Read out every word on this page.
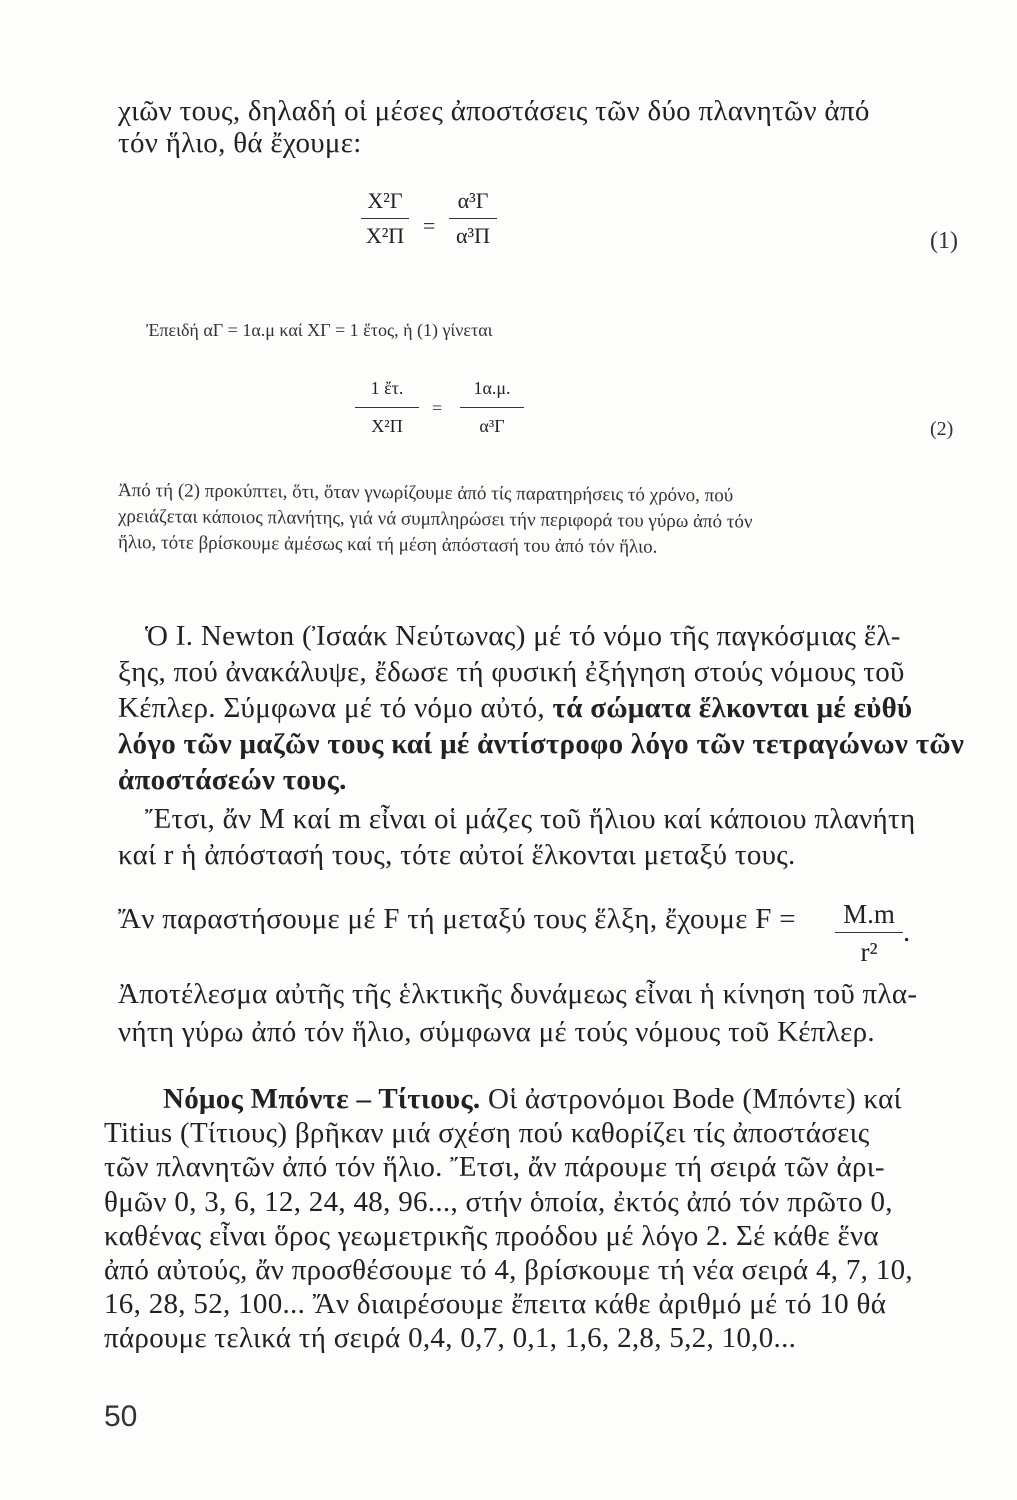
χιῶν τους, δηλαδή οἱ μέσες ἀποστάσεις τῶν δύο πλανητῶν ἀπό
τόν ἥλιο, θά ἔχουμε:
X²Γ
X²Π =
α³Γ
α³Π	(1)
Ἐπειδή αΓ = 1α.μ καί XΓ = 1 ἔτος, ἡ (1) γίνεται
1 ἔτ.
X²Π
=
1α.μ.
α³Γ	(2)
Ἀπό τή (2) προκύπτει, ὅτι, ὅταν γνωρίζουμε ἀπό τίς παρατηρήσεις τό χρόνο, πού
χρειάζεται κάποιος πλανήτης, γιά νά συμπληρώσει τήν περιφορά του γύρω ἀπό τόν
ἥλιο, τότε βρίσκουμε ἀμέσως καί τή μέση ἀπόστασή του ἀπό τόν ἥλιο.
Ὁ Ι. Newton (Ἰσαάκ Νεύτωνας) μέ τό νόμο τῆς παγκόσμιας ἕλ-
ξης, πού ἀνακάλυψε, ἔδωσε τή φυσική ἐξήγηση στούς νόμους τοῦ
Κέπλερ. Σύμφωνα μέ τό νόμο αὐτό, τά σώματα ἕλκονται μέ εὐθύ
λόγο τῶν μαζῶν τους καί μέ ἀντίστροφο λόγο τῶν τετραγώνων τῶν
ἀποστάσεών τους.
Ἔτσι, ἄν M καί m εἶναι οἱ μάζες τοῦ ἥλιου καί κάποιου πλανήτη
καί r ἡ ἀπόστασή τους, τότε αὐτοί ἕλκονται μεταξύ τους.
Ἄν παραστήσουμε μέ F τή μεταξύ τους ἕλξη, ἔχουμε F =	M.m
r²
.
Ἀποτέλεσμα αὐτῆς τῆς ἑλκτικῆς δυνάμεως εἶναι ἡ κίνηση τοῦ πλα-
νήτη γύρω ἀπό τόν ἥλιο, σύμφωνα μέ τούς νόμους τοῦ Κέπλερ.
Νόμος Μπόντε – Τίτιους. Οἱ ἀστρονόμοι Bode (Μπόντε) καί
Titius (Τίτιους) βρῆκαν μιά σχέση πού καθορίζει τίς ἀποστάσεις
τῶν πλανητῶν ἀπό τόν ἥλιο. Ἔτσι, ἄν πάρουμε τή σειρά τῶν ἀρι-
θμῶν 0, 3, 6, 12, 24, 48, 96..., στήν ὁποία, ἐκτός ἀπό τόν πρῶτο 0,
καθένας εἶναι ὅρος γεωμετρικῆς προόδου μέ λόγο 2. Σέ κάθε ἕνα
ἀπό αὐτούς, ἄν προσθέσουμε τό 4, βρίσκουμε τή νέα σειρά 4, 7, 10,
16, 28, 52, 100... Ἄν διαιρέσουμε ἔπειτα κάθε ἀριθμό μέ τό 10 θά
πάρουμε τελικά τή σειρά 0,4, 0,7, 0,1, 1,6, 2,8, 5,2, 10,0...
50
